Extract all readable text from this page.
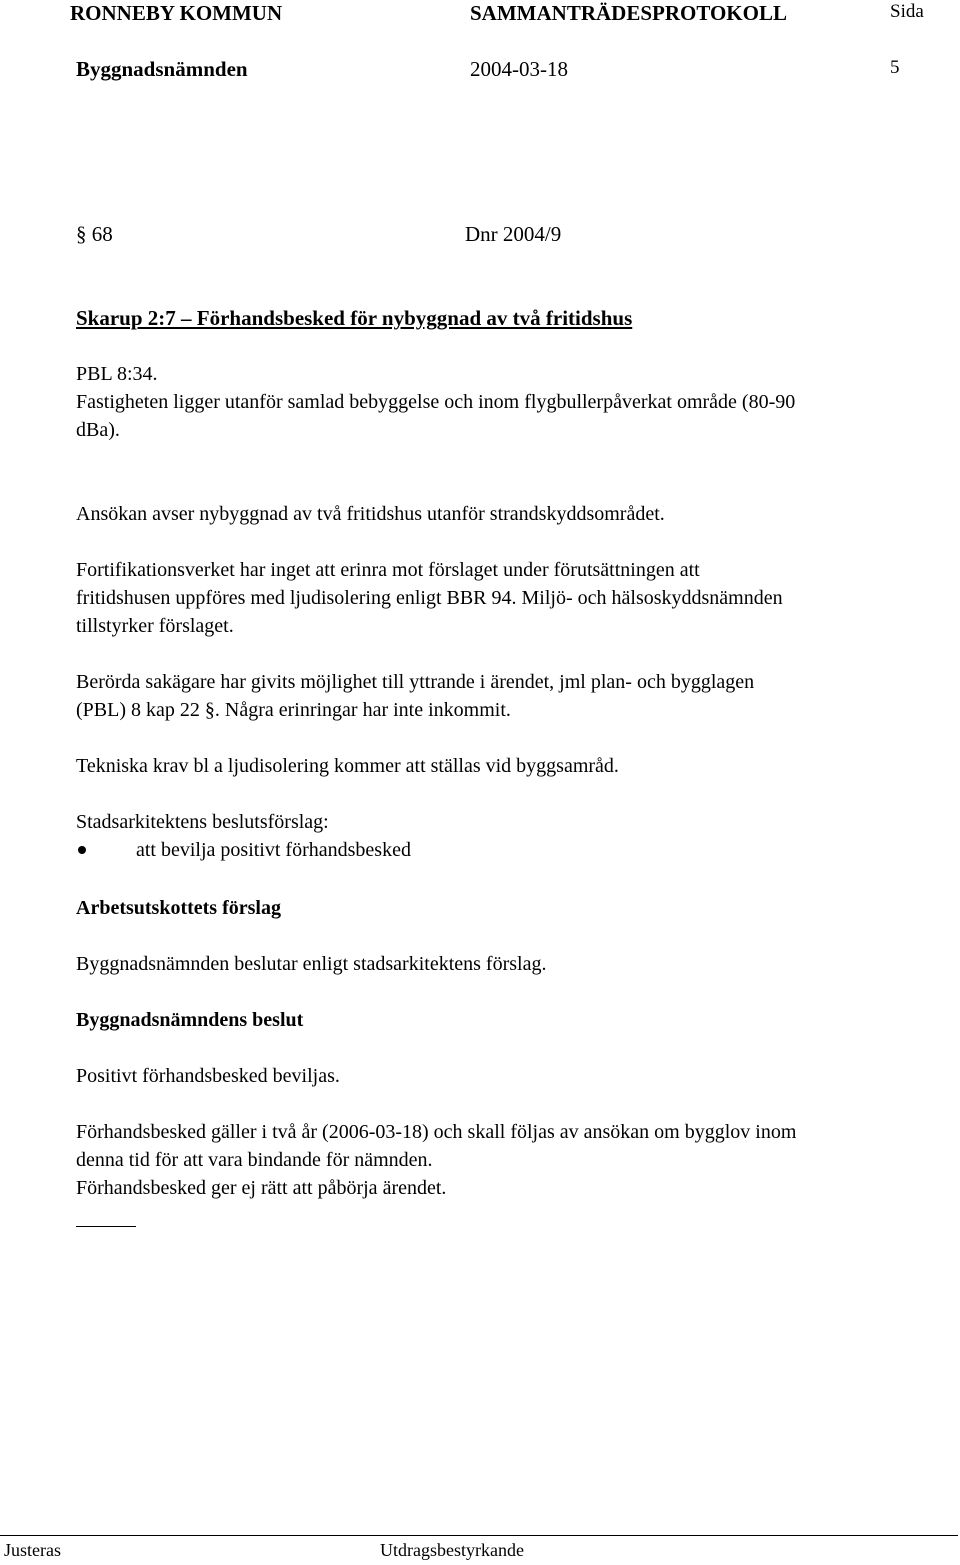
RONNEBY KOMMUN	SAMMANTRÄDESPROTOKOLL	Sida
Byggnadsnämnden	2004-03-18	5
§ 68	Dnr 2004/9
Skarup 2:7 – Förhandsbesked för nybyggnad av två fritidshus
PBL 8:34.
Fastigheten ligger utanför samlad bebyggelse och inom flygbullerpåverkat område (80-90
dBa).
Ansökan avser nybyggnad av två fritidshus utanför strandskyddsområdet.
Fortifikationsverket har inget att erinra mot förslaget under förutsättningen att
fritidshusen uppföres med ljudisolering enligt BBR 94. Miljö- och hälsoskyddsnämnden
tillstyrker förslaget.
Berörda sakägare har givits möjlighet till yttrande i ärendet, jml plan- och bygglagen
(PBL) 8 kap 22 §. Några erinringar har inte inkommit.
Tekniska krav bl a ljudisolering kommer att ställas vid byggsamråd.
Stadsarkitektens beslutsförslag:
att bevilja positivt förhandsbesked
Arbetsutskottets förslag
Byggnadsnämnden beslutar enligt stadsarkitektens förslag.
Byggnadsnämndens beslut
Positivt förhandsbesked beviljas.
Förhandsbesked gäller i två år (2006-03-18) och skall följas av ansökan om bygglov inom
denna tid för att vara bindande för nämnden.
Förhandsbesked ger ej rätt att påbörja ärendet.
Justeras	Utdragsbestyrkande
